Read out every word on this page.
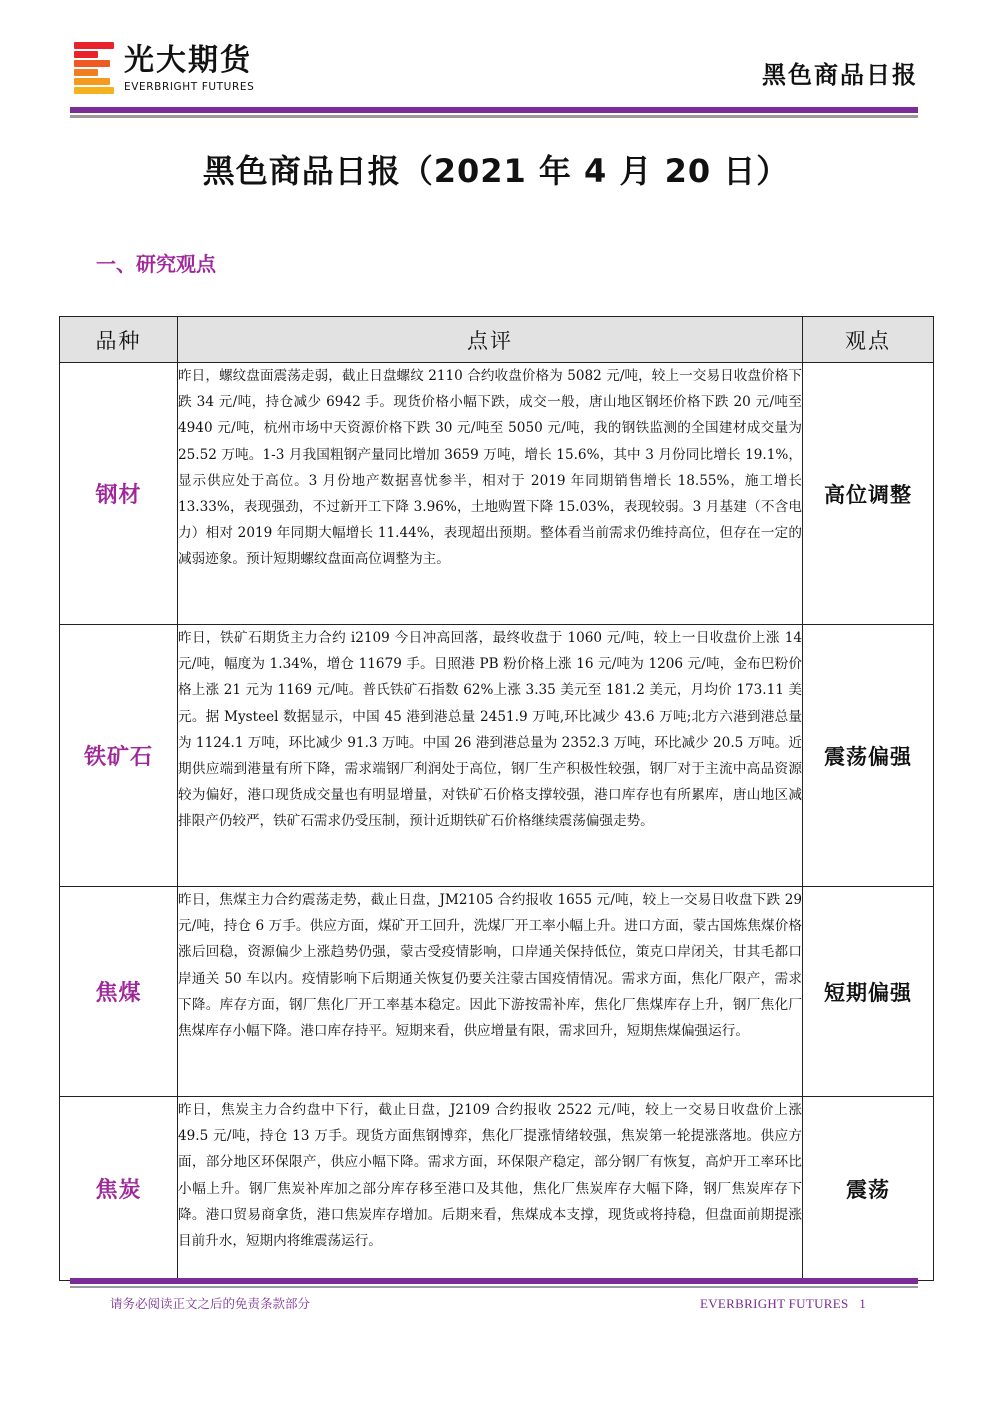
光大期货
EVERBRIGHT FUTURES	黑色商品日报
黑色商品日报（2021 年 4 月 20 日）
一、研究观点
品种	点评	观点
钢材	昨日，螺纹盘面震荡走弱，截止日盘螺纹 2110 合约收盘价格为 5082 元/吨，较上一交易日收盘价格下跌 34 元/吨，持仓减少 6942 手。现货价格小幅下跌，成交一般，唐山地区钢坯价格下跌 20 元/吨至 4940 元/吨，杭州市场中天资源价格下跌 30 元/吨至 5050 元/吨，我的钢铁监测的全国建材成交量为 25.52 万吨。1-3 月我国粗钢产量同比增加 3659 万吨，增长 15.6%，其中 3 月份同比增长 19.1%，显示供应处于高位。3 月份地产数据喜忧参半，相对于 2019 年同期销售增长 18.55%，施工增长 13.33%，表现强劲，不过新开工下降 3.96%，土地购置下降 15.03%，表现较弱。3 月基建（不含电力）相对 2019 年同期大幅增长 11.44%，表现超出预期。整体看当前需求仍维持高位，但存在一定的减弱迹象。预计短期螺纹盘面高位调整为主。	高位调整
铁矿石	昨日，铁矿石期货主力合约 i2109 今日冲高回落，最终收盘于 1060 元/吨，较上一日收盘价上涨 14 元/吨，幅度为 1.34%，增仓 11679 手。日照港 PB 粉价格上涨 16 元/吨为 1206 元/吨，金布巴粉价格上涨 21 元为 1169 元/吨。普氏铁矿石指数 62%上涨 3.35 美元至 181.2 美元，月均价 173.11 美元。据 Mysteel 数据显示，中国 45 港到港总量 2451.9 万吨,环比减少 43.6 万吨;北方六港到港总量为 1124.1 万吨，环比减少 91.3 万吨。中国 26 港到港总量为 2352.3 万吨，环比减少 20.5 万吨。近期供应端到港量有所下降，需求端钢厂利润处于高位，钢厂生产积极性较强，钢厂对于主流中高品资源较为偏好，港口现货成交量也有明显增量，对铁矿石价格支撑较强，港口库存也有所累库，唐山地区减排限产仍较严，铁矿石需求仍受压制，预计近期铁矿石价格继续震荡偏强走势。	震荡偏强
焦煤	昨日，焦煤主力合约震荡走势，截止日盘，JM2105 合约报收 1655 元/吨，较上一交易日收盘下跌 29 元/吨，持仓 6 万手。供应方面，煤矿开工回升，洗煤厂开工率小幅上升。进口方面，蒙古国炼焦煤价格涨后回稳，资源偏少上涨趋势仍强，蒙古受疫情影响，口岸通关保持低位，策克口岸闭关，甘其毛都口岸通关 50 车以内。疫情影响下后期通关恢复仍要关注蒙古国疫情情况。需求方面，焦化厂限产，需求下降。库存方面，钢厂焦化厂开工率基本稳定。因此下游按需补库，焦化厂焦煤库存上升，钢厂焦化厂焦煤库存小幅下降。港口库存持平。短期来看，供应增量有限，需求回升，短期焦煤偏强运行。	短期偏强
焦炭	昨日，焦炭主力合约盘中下行，截止日盘，J2109 合约报收 2522 元/吨，较上一交易日收盘价上涨 49.5 元/吨，持仓 13 万手。现货方面焦钢博弈，焦化厂提涨情绪较强，焦炭第一轮提涨落地。供应方面，部分地区环保限产，供应小幅下降。需求方面，环保限产稳定，部分钢厂有恢复，高炉开工率环比小幅上升。钢厂焦炭补库加之部分库存移至港口及其他，焦化厂焦炭库存大幅下降，钢厂焦炭库存下降。港口贸易商拿货，港口焦炭库存增加。后期来看，焦煤成本支撑，现货或将持稳，但盘面前期提涨目前升水，短期内将维震荡运行。	震荡
请务必阅读正文之后的免责条款部分	EVERBRIGHT FUTURES 1
